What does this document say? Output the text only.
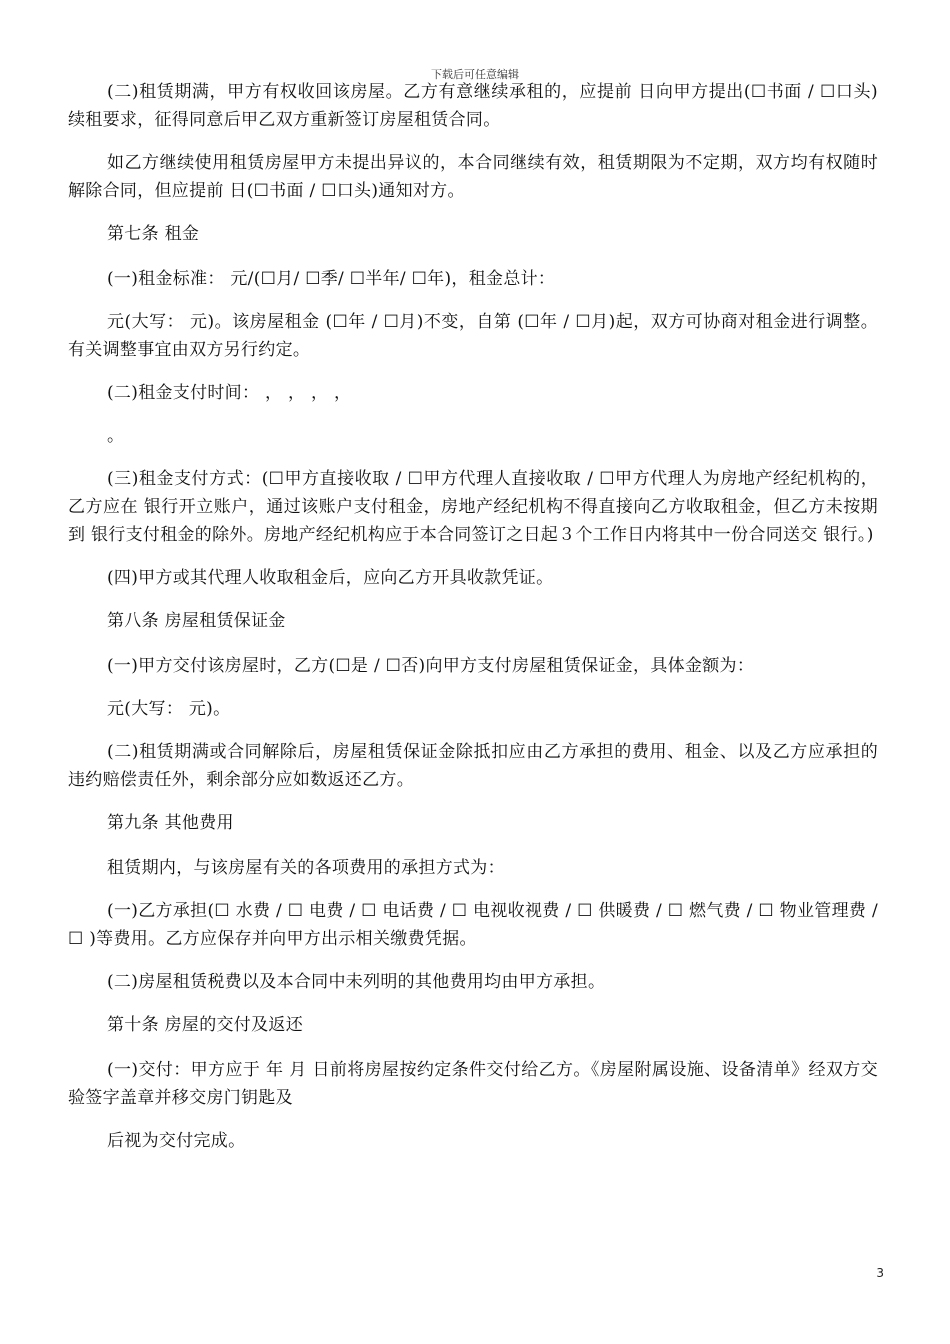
下载后可任意编辑

(二)租赁期满，甲方有权收回该房屋。乙方有意继续承租的，应提前 日向甲方提出(☐书面 / ☐口头)续租要求，征得同意后甲乙双方重新签订房屋租赁合同。

如乙方继续使用租赁房屋甲方未提出异议的，本合同继续有效，租赁期限为不定期，双方均有权随时解除合同，但应提前 日(☐书面 / ☐口头)通知对方。

第七条 租金

(一)租金标准： 元/(☐月/ ☐季/ ☐半年/ ☐年)，租金总计：

元(大写： 元)。该房屋租金 (☐年 / ☐月)不变，自第 (☐年 / ☐月)起，双方可协商对租金进行调整。有关调整事宜由双方另行约定。

(二)租金支付时间： ， ， ， ，

。

(三)租金支付方式：(☐甲方直接收取 / ☐甲方代理人直接收取 / ☐甲方代理人为房地产经纪机构的，乙方应在 银行开立账户，通过该账户支付租金，房地产经纪机构不得直接向乙方收取租金，但乙方未按期到 银行支付租金的除外。房地产经纪机构应于本合同签订之日起３个工作日内将其中一份合同送交 银行。)

(四)甲方或其代理人收取租金后，应向乙方开具收款凭证。

第八条 房屋租赁保证金

(一)甲方交付该房屋时，乙方(☐是 / ☐否)向甲方支付房屋租赁保证金，具体金额为：

元(大写： 元)。

(二)租赁期满或合同解除后，房屋租赁保证金除抵扣应由乙方承担的费用、租金、以及乙方应承担的违约赔偿责任外，剩余部分应如数返还乙方。

第九条 其他费用

租赁期内，与该房屋有关的各项费用的承担方式为：

(一)乙方承担(☐ 水费 / ☐ 电费 / ☐ 电话费 / ☐ 电视收视费 / ☐ 供暖费 / ☐ 燃气费 / ☐ 物业管理费 / ☐ )等费用。乙方应保存并向甲方出示相关缴费凭据。

(二)房屋租赁税费以及本合同中未列明的其他费用均由甲方承担。

第十条 房屋的交付及返还

(一)交付：甲方应于 年 月 日前将房屋按约定条件交付给乙方。《房屋附属设施、设备清单》经双方交验签字盖章并移交房门钥匙及

后视为交付完成。

3
